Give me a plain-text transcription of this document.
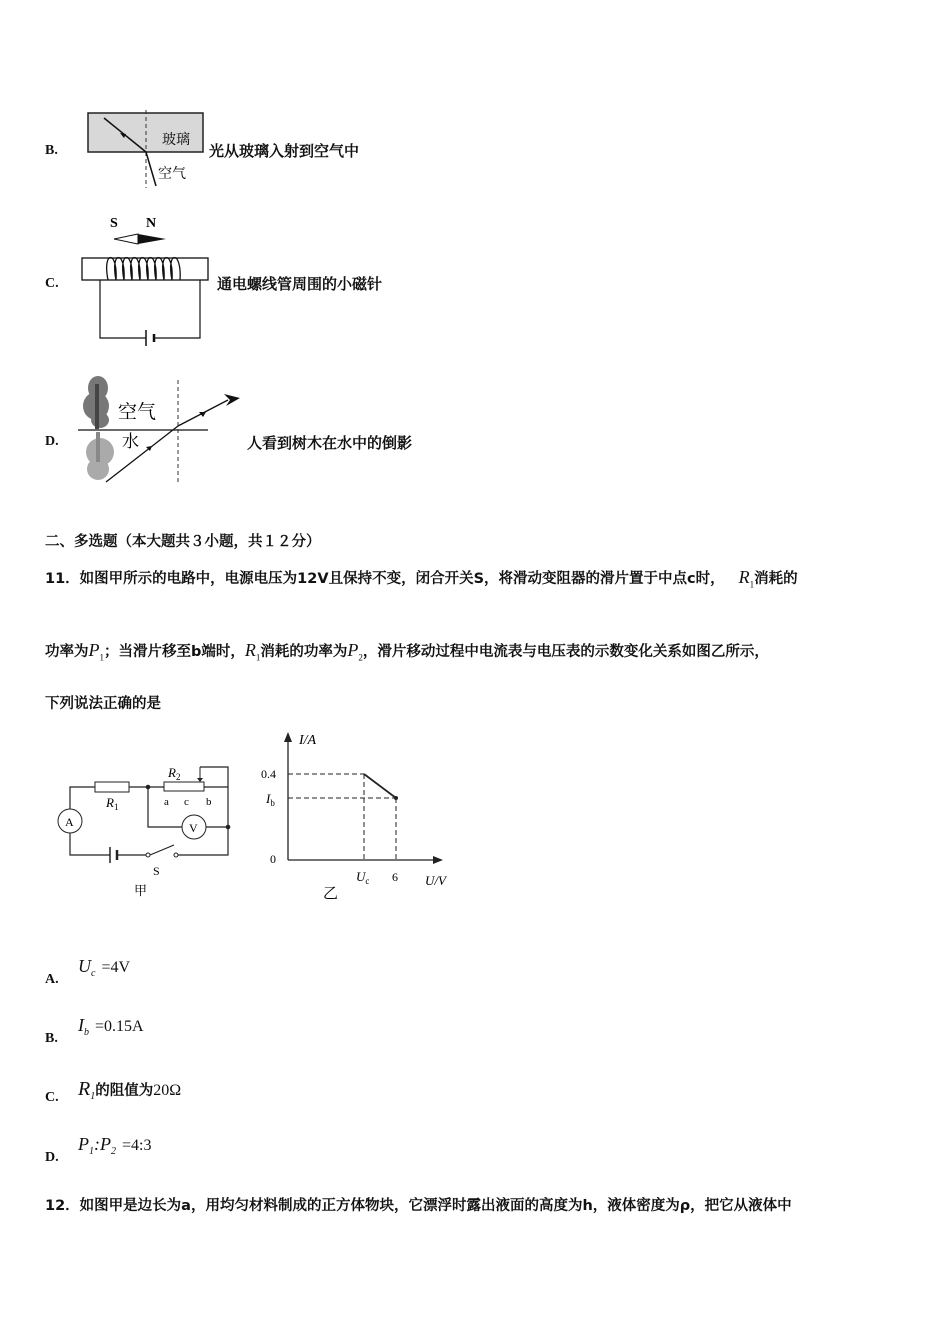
B.
玻璃
空气
光从玻璃入射到空气中
C.
S N
通电螺线管周围的小磁针
D.
空气
水	人看到树木在水中的倒影
二、多选题（本大题共３小题，共１２分）
11．如图甲所示的电路中，电源电压为12V且保持不变，闭合开关S，将滑动变阻器的滑片置于中点c时， $R_1$消耗的
功率为$P_1$；当滑片移至b端时，$R_1$消耗的功率为$P_2$，滑片移动过程中电流表与电压表的示数变化关系如图乙所示，
下列说法正确的是
$R_1$
$R_2$
a c b
V
A
S
甲
I/A
0.4
$I_b$
0
$U_c$ 6 U/V
乙
A.
$U_c =4V$
B.
$I_b =0.15A$
C. $R_1$的阻值为20Ω
D.
$P_1:P_2$ =4:3
12．如图甲是边长为a，用均匀材料制成的正方体物块，它漂浮时露出液面的高度为h，液体密度为ρ，把它从液体中
